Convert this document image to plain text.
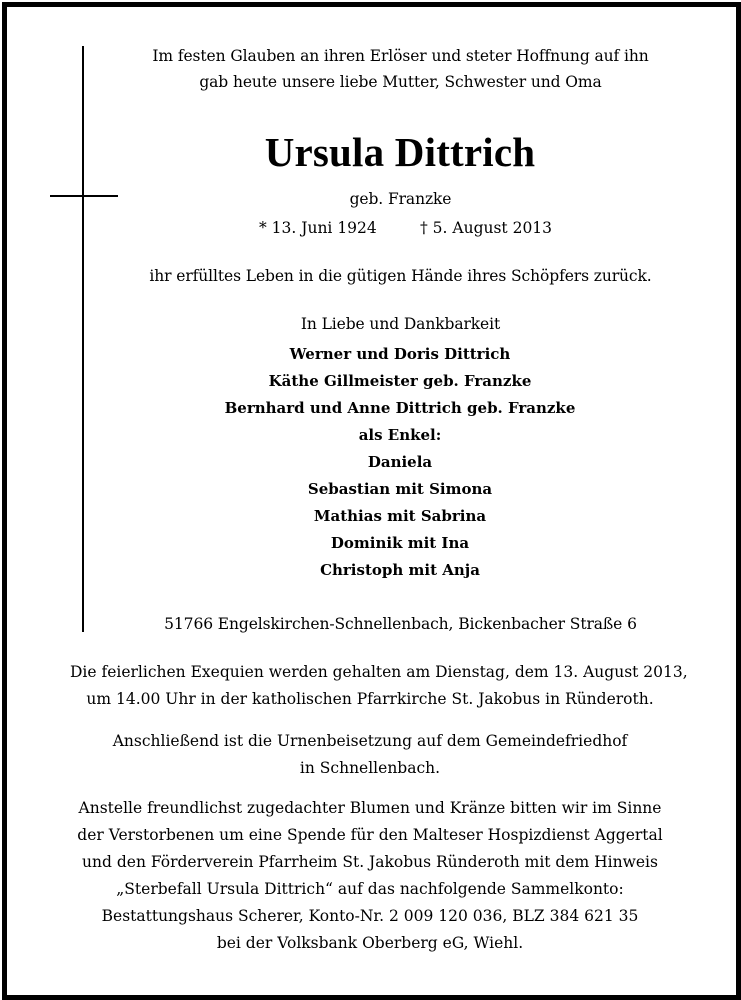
Im festen Glauben an ihren Erlöser und steter Hoffnung auf ihn
gab heute unsere liebe Mutter, Schwester und Oma
Ursula Dittrich
geb. Franzke
* 13. Juni 1924	† 5. August 2013
ihr erfülltes Leben in die gütigen Hände ihres Schöpfers zurück.
In Liebe und Dankbarkeit
Werner und Doris Dittrich
Käthe Gillmeister geb. Franzke
Bernhard und Anne Dittrich geb. Franzke
als Enkel:
Daniela
Sebastian mit Simona
Mathias mit Sabrina
Dominik mit Ina
Christoph mit Anja
51766 Engelskirchen-Schnellenbach, Bickenbacher Straße 6
Die feierlichen Exequien werden gehalten am Dienstag, dem 13. August 2013,
um 14.00 Uhr in der katholischen Pfarrkirche St. Jakobus in Ründeroth.
Anschließend ist die Urnenbeisetzung auf dem Gemeindefriedhof
in Schnellenbach.
Anstelle freundlichst zugedachter Blumen und Kränze bitten wir im Sinne
der Verstorbenen um eine Spende für den Malteser Hospizdienst Aggertal
und den Förderverein Pfarrheim St. Jakobus Ründeroth mit dem Hinweis
„Sterbefall Ursula Dittrich“ auf das nachfolgende Sammelkonto:
Bestattungshaus Scherer, Konto-Nr. 2 009 120 036, BLZ 384 621 35
bei der Volksbank Oberberg eG, Wiehl.
